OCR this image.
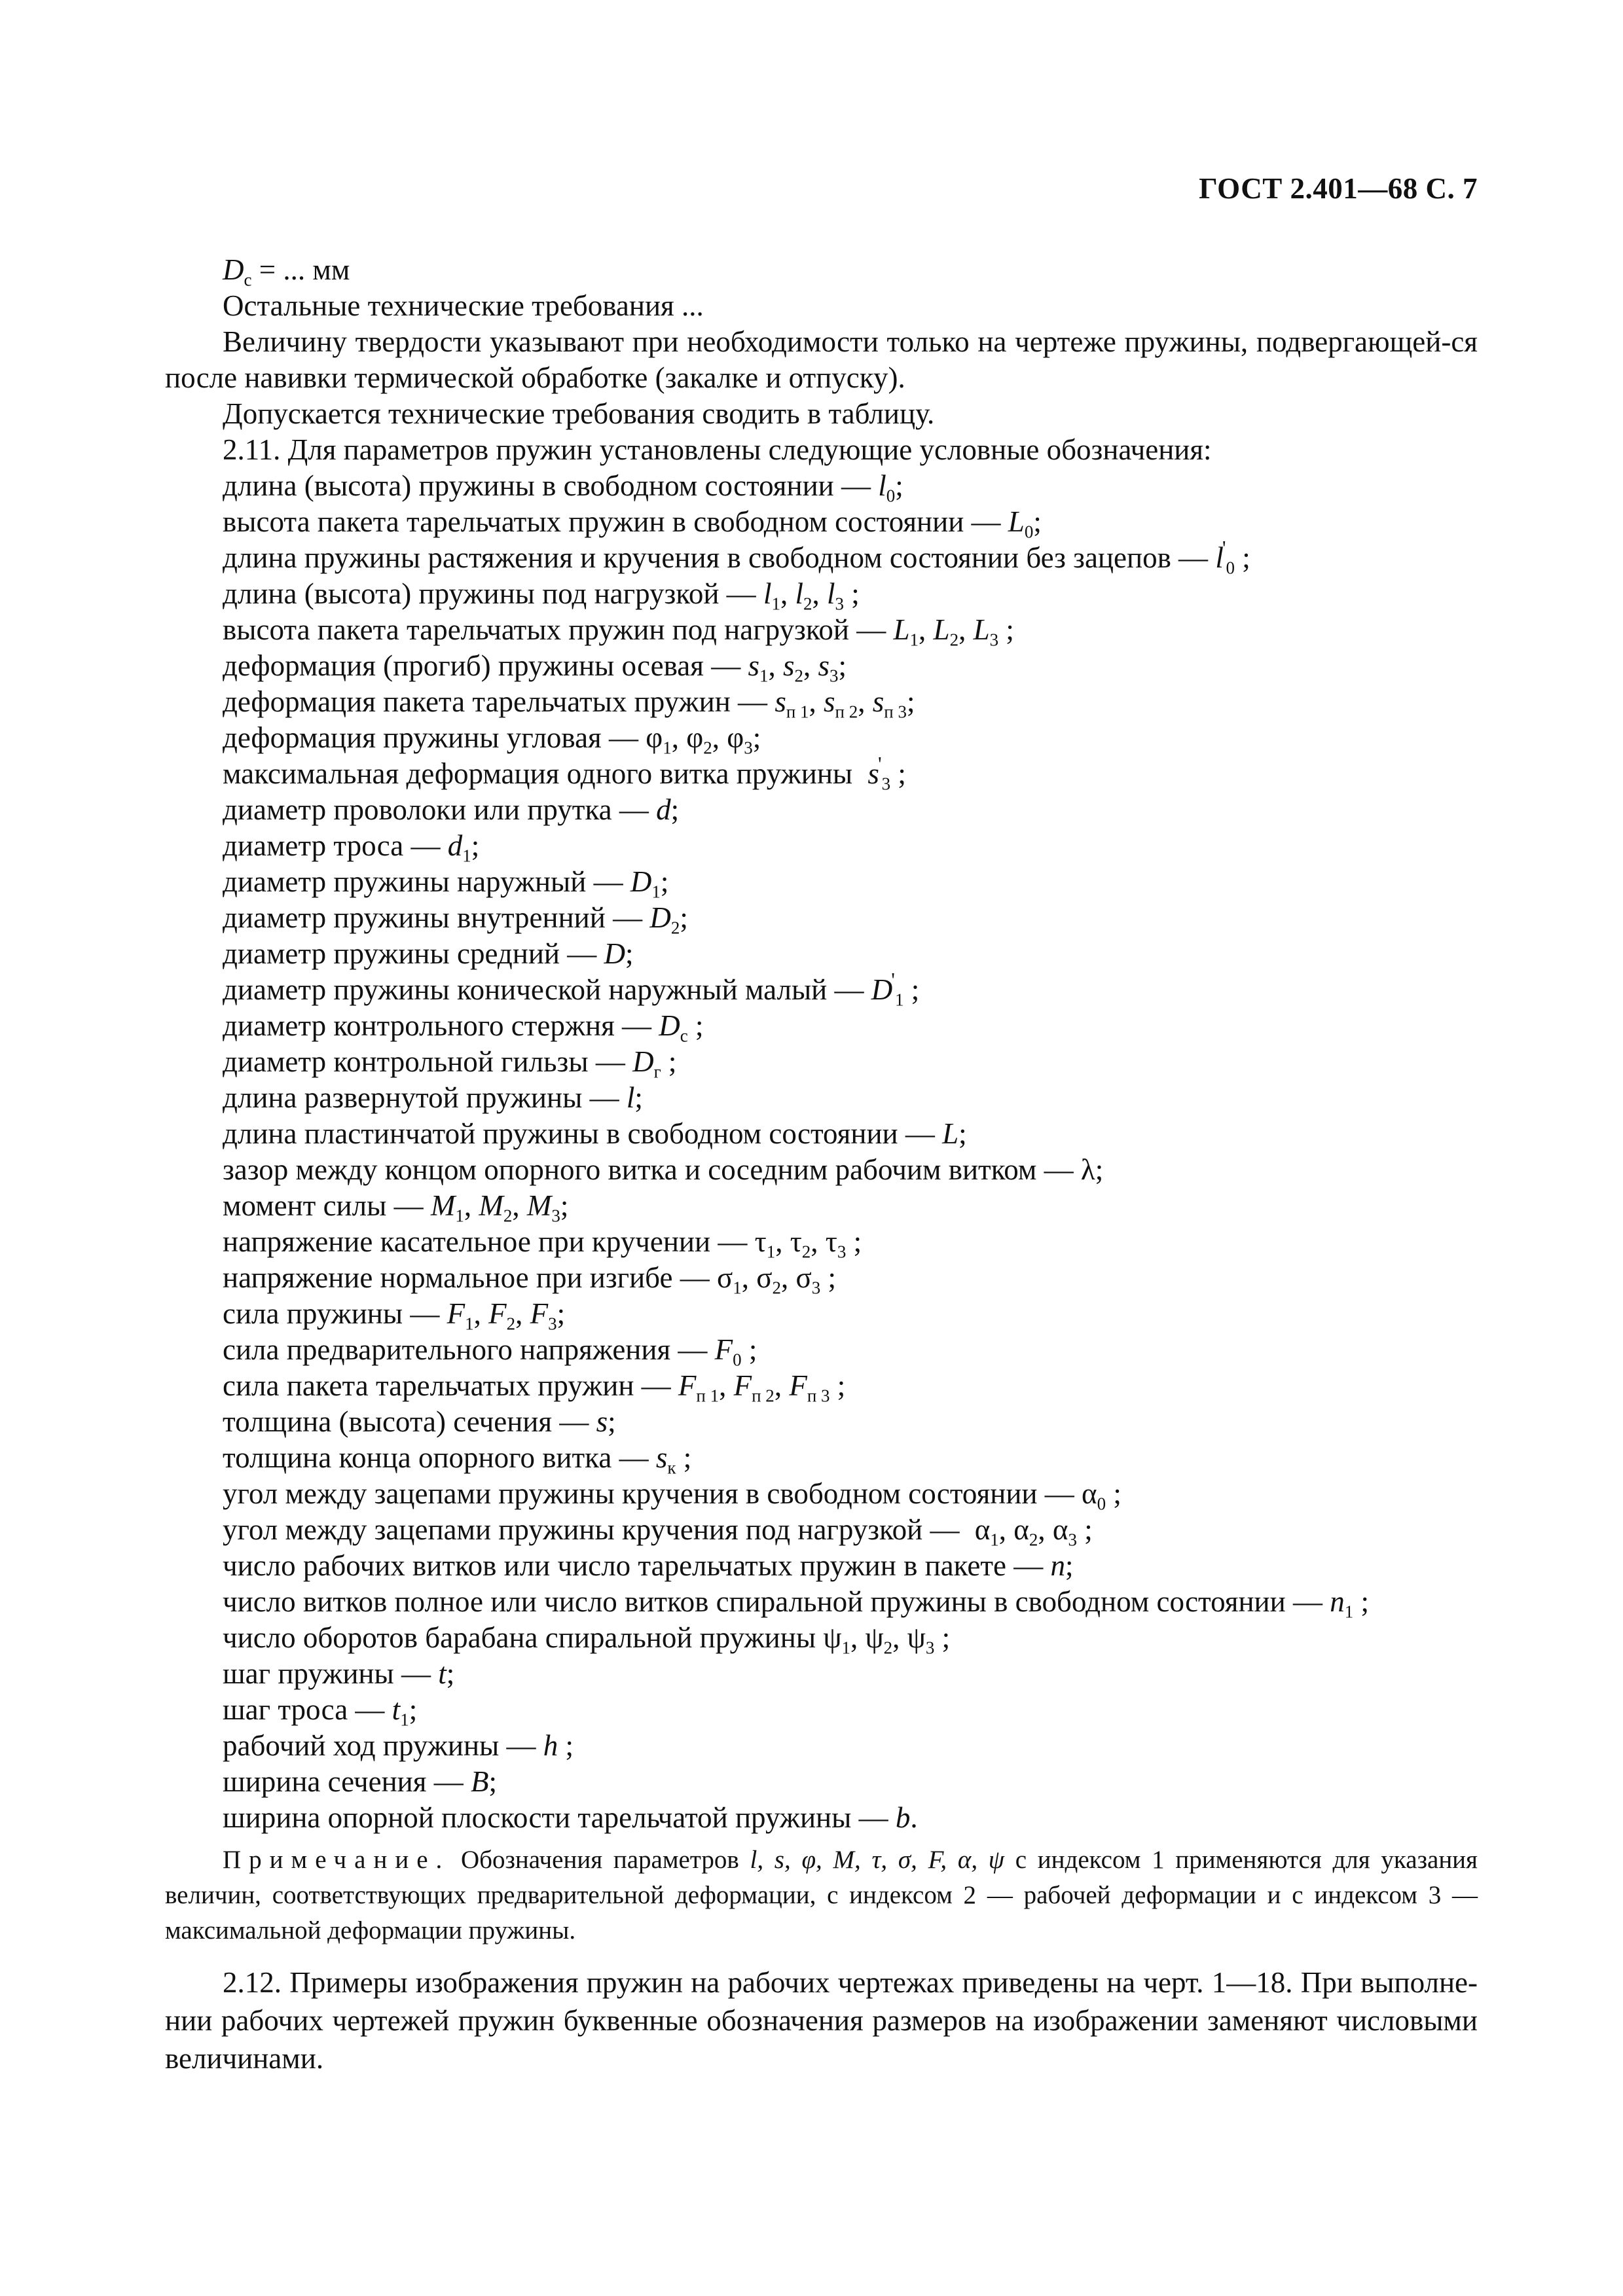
ГОСТ 2.401—68 С. 7
$D_c$ = ... мм
Остальные технические требования ...
Величину твердости указывают при необходимости только на чертеже пружины, подвергающей-ся после навивки термической обработке (закалке и отпуску).
Допускается технические требования сводить в таблицу.
2.11. Для параметров пружин установлены следующие условные обозначения:
длина (высота) пружины в свободном состоянии — $l_0$;
высота пакета тарельчатых пружин в свободном состоянии — $L_0$;
длина пружины растяжения и кручения в свободном состоянии без зацепов — $l'_0$ ;
длина (высота) пружины под нагрузкой — $l_1$, $l_2$, $l_3$ ;
высота пакета тарельчатых пружин под нагрузкой — $L_1$, $L_2$, $L_3$ ;
деформация (прогиб) пружины осевая — $s_1$, $s_2$, $s_3$;
деформация пакета тарельчатых пружин — $s_{п 1}$, $s_{п 2}$, $s_{п 3}$;
деформация пружины угловая — $\varphi_1$, $\varphi_2$, $\varphi_3$;
максимальная деформация одного витка пружины $s'_3$ ;
диаметр проволоки или прутка — d;
диаметр троса — $d_1$;
диаметр пружины наружный — $D_1$;
диаметр пружины внутренний — $D_2$;
диаметр пружины средний — D;
диаметр пружины конической наружный малый — $D'_1$ ;
диаметр контрольного стержня — $D_с$ ;
диаметр контрольной гильзы — $D_г$ ;
длина развернутой пружины — l;
длина пластинчатой пружины в свободном состоянии — L;
зазор между концом опорного витка и соседним рабочим витком — λ;
момент силы — $M_1$, $M_2$, $M_3$;
напряжение касательное при кручении — $\tau_1$, $\tau_2$, $\tau_3$ ;
напряжение нормальное при изгибе — $\sigma_1$, $\sigma_2$, $\sigma_3$ ;
сила пружины — $F_1$, $F_2$, $F_3$;
сила предварительного напряжения — $F_0$ ;
сила пакета тарельчатых пружин — $F_{п 1}$, $F_{п 2}$, $F_{п 3}$ ;
толщина (высота) сечения — s;
толщина конца опорного витка — $s_к$ ;
угол между зацепами пружины кручения в свободном состоянии — $\alpha_0$ ;
угол между зацепами пружины кручения под нагрузкой — $\alpha_1$, $\alpha_2$, $\alpha_3$ ;
число рабочих витков или число тарельчатых пружин в пакете — n;
число витков полное или число витков спиральной пружины в свободном состоянии — $n_1$ ;
число оборотов барабана спиральной пружины $\psi_1$, $\psi_2$, $\psi_3$ ;
шаг пружины — t;
шаг троса — $t_1$;
рабочий ход пружины — h ;
ширина сечения — B;
ширина опорной плоскости тарельчатой пружины — b.
Примечание. Обозначения параметров l, s, φ, M, τ, σ, F, α, ψ с индексом 1 применяются для указания величин, соответствующих предварительной деформации, с индексом 2 — рабочей деформации и с индексом 3 — максимальной деформации пружины.
2.12. Примеры изображения пружин на рабочих чертежах приведены на черт. 1—18. При выполне-нии рабочих чертежей пружин буквенные обозначения размеров на изображении заменяют числовыми величинами.
